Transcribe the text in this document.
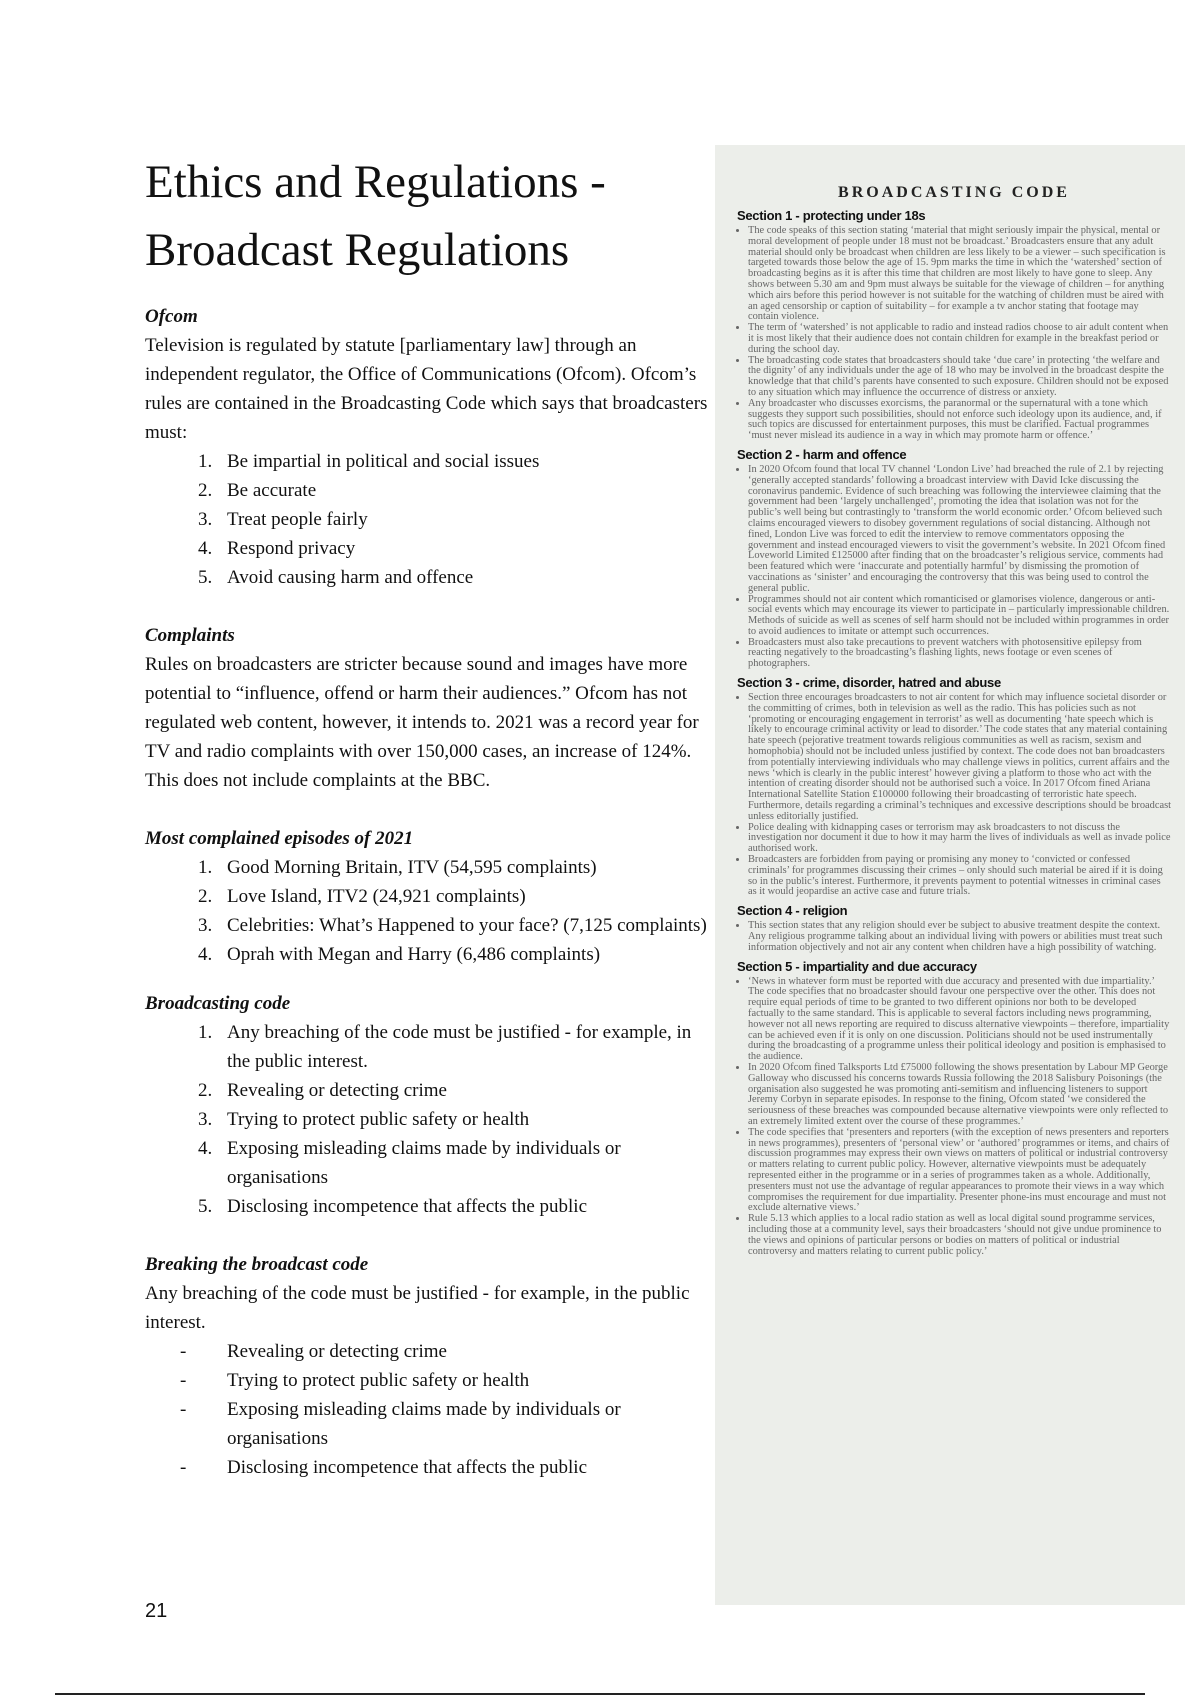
Ethics and Regulations -
Broadcast Regulations

Ofcom

Television is regulated by statute [parliamentary law] through an independent regulator, the Office of Communications (Ofcom). Ofcom’s rules are contained in the Broadcasting Code which says that broadcasters must:

1. Be impartial in political and social issues
2. Be accurate
3. Treat people fairly
4. Respond privacy
5. Avoid causing harm and offence

Complaints

Rules on broadcasters are stricter because sound and images have more potential to “influence, offend or harm their audiences.” Ofcom has not regulated web content, however, it intends to. 2021 was a record year for TV and radio complaints with over 150,000 cases, an increase of 124%. This does not include complaints at the BBC.

Most complained episodes of 2021

1. Good Morning Britain, ITV (54,595 complaints)
2. Love Island, ITV2 (24,921 complaints)
3. Celebrities: What’s Happened to your face? (7,125 complaints)
4. Oprah with Megan and Harry (6,486 complaints)

Broadcasting code

1. Any breaching of the code must be justified - for example, in the public interest.
2. Revealing or detecting crime
3. Trying to protect public safety or health
4. Exposing misleading claims made by individuals or organisations
5. Disclosing incompetence that affects the public

Breaking the broadcast code

Any breaching of the code must be justified - for example, in the public interest.

- Revealing or detecting crime
- Trying to protect public safety or health
- Exposing misleading claims made by individuals or organisations
- Disclosing incompetence that affects the public

BROADCASTING CODE

Section 1 - protecting under 18s

• The code speaks of this section stating ‘material that might seriously impair the physical, mental or moral development of people under 18 must not be broadcast.’ Broadcasters ensure that any adult material should only be broadcast when children are less likely to be a viewer – such specification is targeted towards those below the age of 15. 9pm marks the time in which the ‘watershed’ section of broadcasting begins as it is after this time that children are most likely to have gone to sleep. Any shows between 5.30 am and 9pm must always be suitable for the viewage of children – for anything which airs before this period however is not suitable for the watching of children must be aired with an aged censorship or caption of suitability – for example a tv anchor stating that footage may contain violence.
• The term of ‘watershed’ is not applicable to radio and instead radios choose to air adult content when it is most likely that their audience does not contain children for example in the breakfast period or during the school day.
• The broadcasting code states that broadcasters should take ‘due care’ in protecting ‘the welfare and the dignity’ of any individuals under the age of 18 who may be involved in the broadcast despite the knowledge that that child’s parents have consented to such exposure. Children should not be exposed to any situation which may influence the occurrence of distress or anxiety.
• Any broadcaster who discusses exorcisms, the paranormal or the supernatural with a tone which suggests they support such possibilities, should not enforce such ideology upon its audience, and, if such topics are discussed for entertainment purposes, this must be clarified. Factual programmes ‘must never mislead its audience in a way in which may promote harm or offence.’

Section 2 - harm and offence

• In 2020 Ofcom found that local TV channel ‘London Live’ had breached the rule of 2.1 by rejecting ‘generally accepted standards’ following a broadcast interview with David Icke discussing the coronavirus pandemic. Evidence of such breaching was following the interviewee claiming that the government had been ‘largely unchallenged’, promoting the idea that isolation was not for the public’s well being but contrastingly to ‘transform the world economic order.’ Ofcom believed such claims encouraged viewers to disobey government regulations of social distancing. Although not fined, London Live was forced to edit the interview to remove commentators opposing the government and instead encouraged viewers to visit the government’s website. In 2021 Ofcom fined Loveworld Limited £125000 after finding that on the broadcaster’s religious service, comments had been featured which were ‘inaccurate and potentially harmful’ by dismissing the promotion of vaccinations as ‘sinister’ and encouraging the controversy that this was being used to control the general public.
• Programmes should not air content which romanticised or glamorises violence, dangerous or anti-social events which may encourage its viewer to participate in – particularly impressionable children. Methods of suicide as well as scenes of self harm should not be included within programmes in order to avoid audiences to imitate or attempt such occurrences.
• Broadcasters must also take precautions to prevent watchers with photosensitive epilepsy from reacting negatively to the broadcasting’s flashing lights, news footage or even scenes of photographers.

Section 3 - crime, disorder, hatred and abuse

• Section three encourages broadcasters to not air content for which may influence societal disorder or the committing of crimes, both in television as well as the radio. This has policies such as not ‘promoting or encouraging engagement in terrorist’ as well as documenting ‘hate speech which is likely to encourage criminal activity or lead to disorder.’ The code states that any material containing hate speech (pejorative treatment towards religious communities as well as racism, sexism and homophobia) should not be included unless justified by context. The code does not ban broadcasters from potentially interviewing individuals who may challenge views in politics, current affairs and the news ‘which is clearly in the public interest’ however giving a platform to those who act with the intention of creating disorder should not be authorised such a voice. In 2017 Ofcom fined Ariana International Satellite Station £100000 following their broadcasting of terroristic hate speech. Furthermore, details regarding a criminal’s techniques and excessive descriptions should be broadcast unless editorially justified.
• Police dealing with kidnapping cases or terrorism may ask broadcasters to not discuss the investigation nor document it due to how it may harm the lives of individuals as well as invade police authorised work.
• Broadcasters are forbidden from paying or promising any money to ‘convicted or confessed criminals’ for programmes discussing their crimes – only should such material be aired if it is doing so in the public’s interest. Furthermore, it prevents payment to potential witnesses in criminal cases as it would jeopardise an active case and future trials.

Section 4 - religion

• This section states that any religion should ever be subject to abusive treatment despite the context. Any religious programme talking about an individual living with powers or abilities must treat such information objectively and not air any content when children have a high possibility of watching.

Section 5 - impartiality and due accuracy

• ‘News in whatever form must be reported with due accuracy and presented with due impartiality.’ The code specifies that no broadcaster should favour one perspective over the other. This does not require equal periods of time to be granted to two different opinions nor both to be developed factually to the same standard. This is applicable to several factors including news programming, however not all news reporting are required to discuss alternative viewpoints – therefore, impartiality can be achieved even if it is only on one discussion. Politicians should not be used instrumentally during the broadcasting of a programme unless their political ideology and position is emphasised to the audience.
• In 2020 Ofcom fined Talksports Ltd £75000 following the shows presentation by Labour MP George Galloway who discussed his concerns towards Russia following the 2018 Salisbury Poisonings (the organisation also suggested he was promoting anti-semitism and influencing listeners to support Jeremy Corbyn in separate episodes. In response to the fining, Ofcom stated ‘we considered the seriousness of these breaches was compounded because alternative viewpoints were only reflected to an extremely limited extent over the course of these programmes.’
• The code specifies that ‘presenters and reporters (with the exception of news presenters and reporters in news programmes), presenters of ‘personal view’ or ‘authored’ programmes or items, and chairs of discussion programmes may express their own views on matters of political or industrial controversy or matters relating to current public policy. However, alternative viewpoints must be adequately represented either in the programme or in a series of programmes taken as a whole. Additionally, presenters must not use the advantage of regular appearances to promote their views in a way which compromises the requirement for due impartiality. Presenter phone-ins must encourage and must not exclude alternative views.’
• Rule 5.13 which applies to a local radio station as well as local digital sound programme services, including those at a community level, says their broadcasters ‘should not give undue prominence to the views and opinions of particular persons or bodies on matters of political or industrial controversy and matters relating to current public policy.’
21
